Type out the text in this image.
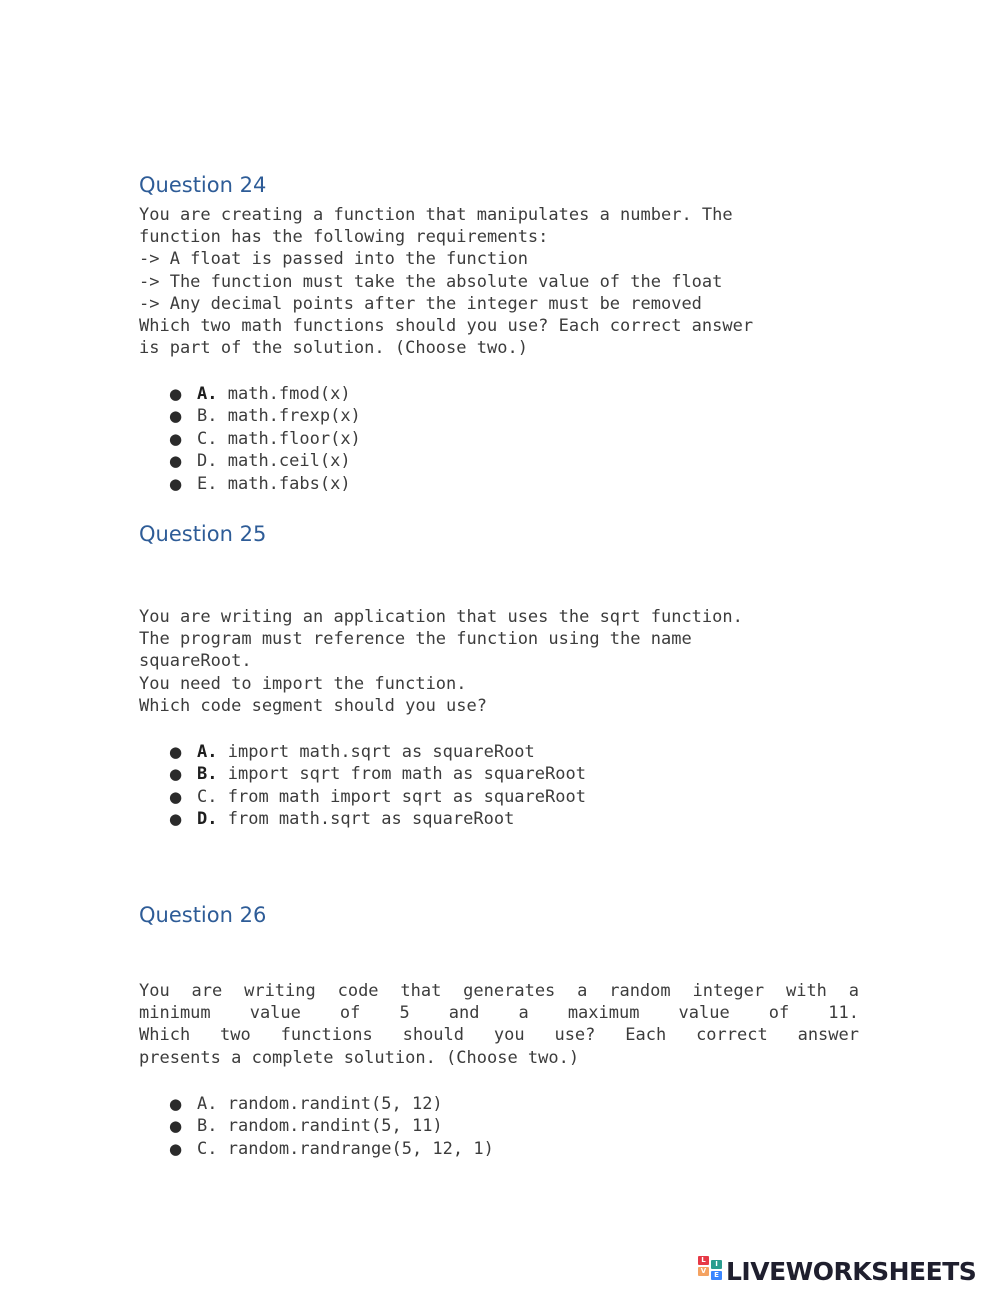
Question 24
You are creating a function that manipulates a number. The
function has the following requirements:
-> A float is passed into the function
-> The function must take the absolute value of the float
-> Any decimal points after the integer must be removed
Which two math functions should you use? Each correct answer
is part of the solution. (Choose two.)
● A. math.fmod(x)
● B. math.frexp(x)
● C. math.floor(x)
● D. math.ceil(x)
● E. math.fabs(x)
Question 25
You are writing an application that uses the sqrt function.
The program must reference the function using the name
squareRoot.
You need to import the function.
Which code segment should you use?
● A. import math.sqrt as squareRoot
● B. import sqrt from math as squareRoot
● C. from math import sqrt as squareRoot
● D. from math.sqrt as squareRoot
Question 26
You are writing code that generates a random integer with a
minimum value of 5 and a maximum value of 11.
Which two functions should you use? Each correct answer
presents a complete solution. (Choose two.)
● A. random.randint(5, 12)
● B. random.randint(5, 11)
● C. random.randrange(5, 12, 1)
L	I
V	E LIVEWORKSHEETS
